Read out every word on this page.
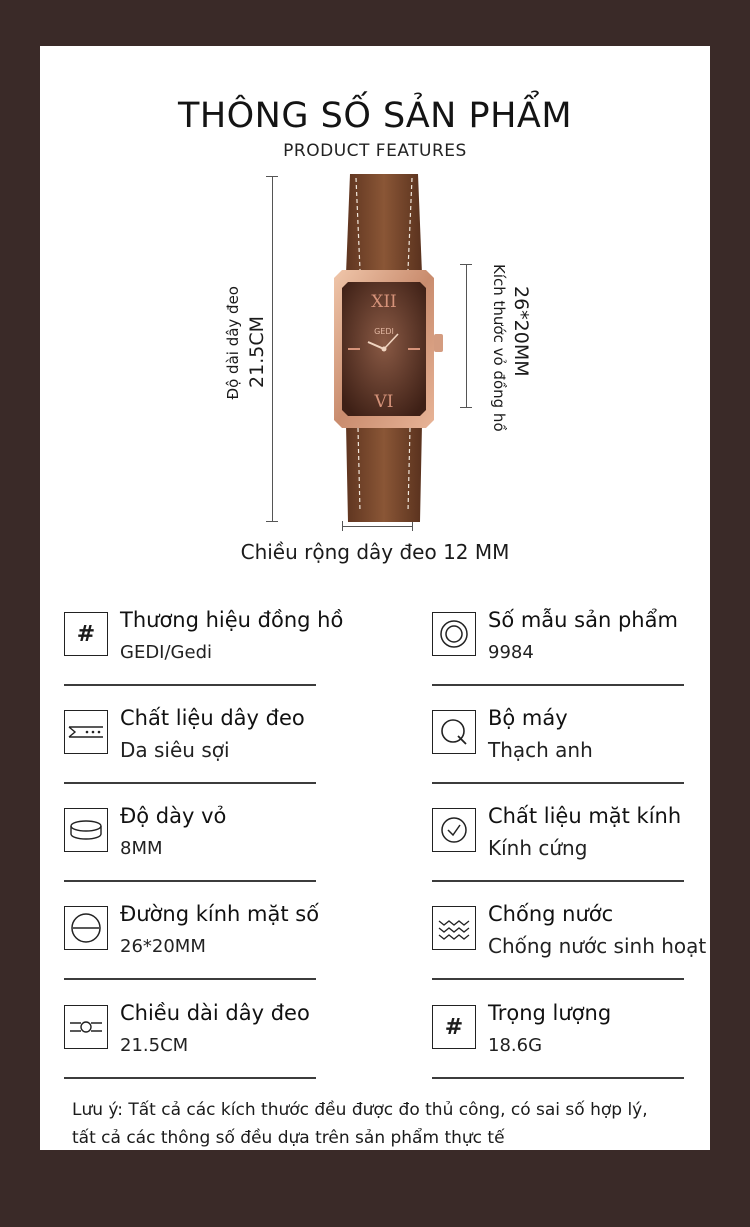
THÔNG SỐ SẢN PHẨM
PRODUCT FEATURES
21.5CM
Độ dài dây đeo	26*20MM
Kích thước vỏ đồng hồ
XII
VI
GEDI
Chiều rộng dây đeo 12 MM
#
Thương hiệu đồng hồ
GEDI/Gedi
Số mẫu sản phẩm
9984
Chất liệu dây đeo
Da siêu sợi
Bộ máy
Thạch anh
Độ dày vỏ
8MM
Chất liệu mặt kính
Kính cứng
Đường kính mặt số
26*20MM
Chống nước
Chống nước sinh hoạt
Chiều dài dây đeo
21.5CM
#
Trọng lượng
18.6G
Lưu ý: Tất cả các kích thước đều được đo thủ công, có sai số hợp lý,
tất cả các thông số đều dựa trên sản phẩm thực tế
